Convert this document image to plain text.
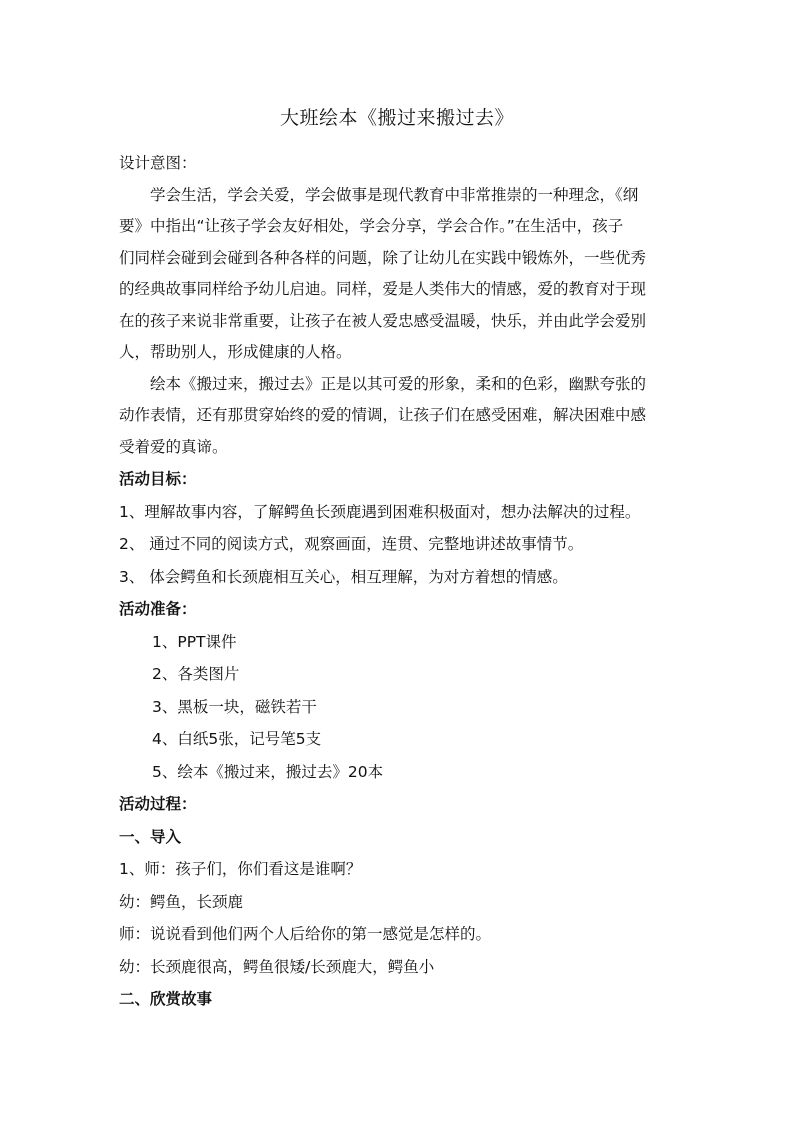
大班绘本《搬过来搬过去》
设计意图：
学会生活，学会关爱，学会做事是现代教育中非常推崇的一种理念，《纲
要》中指出“让孩子学会友好相处，学会分享，学会合作。”在生活中，孩子
们同样会碰到会碰到各种各样的问题，除了让幼儿在实践中锻炼外，一些优秀
的经典故事同样给予幼儿启迪。同样，爱是人类伟大的情感，爱的教育对于现
在的孩子来说非常重要，让孩子在被人爱忠感受温暖，快乐，并由此学会爱别
人，帮助别人，形成健康的人格。
绘本《搬过来，搬过去》正是以其可爱的形象，柔和的色彩，幽默夸张的
动作表情，还有那贯穿始终的爱的情调，让孩子们在感受困难，解决困难中感
受着爱的真谛。
活动目标：
1、理解故事内容，了解鳄鱼长颈鹿遇到困难积极面对，想办法解决的过程。
2、 通过不同的阅读方式，观察画面，连贯、完整地讲述故事情节。
3、 体会鳄鱼和长颈鹿相互关心，相互理解，为对方着想的情感。
活动准备：
1、PPT课件
2、各类图片
3、黑板一块，磁铁若干
4、白纸5张，记号笔5支
5、绘本《搬过来，搬过去》20本
活动过程：
一、导入
1、师：孩子们，你们看这是谁啊？
幼：鳄鱼，长颈鹿
师：说说看到他们两个人后给你的第一感觉是怎样的。
幼：长颈鹿很高，鳄鱼很矮/长颈鹿大，鳄鱼小
二、欣赏故事
